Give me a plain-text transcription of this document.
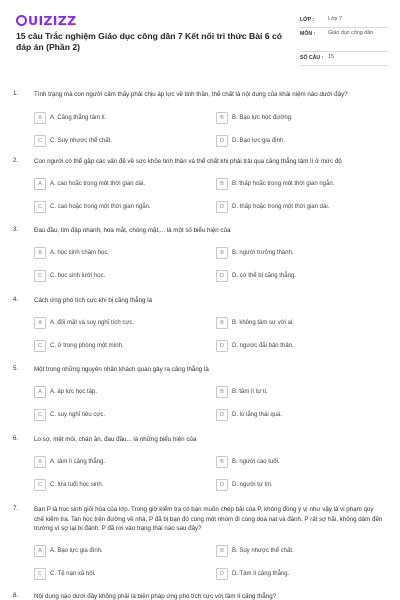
UIZIZZ
15 câu Trắc nghiệm Giáo dục công dân 7 Kết nối tri thức Bài 6 có đáp án (Phần 2)
LỚP :	Lớp 7
MÔN :	Giáo dục công dân
SỐ CÂU : 15
1.	Tình trạng mà con người cảm thấy phải chịu áp lực về tinh thần, thể chất là nội dung của khái niệm nào dưới đây?
A	A. Căng thẳng tâm lí.	B	B. Bạo lực học đường.
C	C. Suy nhược thể chất.	D	D. Bạo lực gia đình.
2.	Con người có thể gặp các vấn đề về sức khỏe tinh thần và thể chất khi phải trải qua căng thẳng tâm lí ở mức độ
A	A. cao hoặc trong một thời gian dài.	B	B. thấp hoặc trong một thời gian ngắn.
C	C. cao hoặc trong một thời gian ngắn.	D	D. thấp hoặc trong một thời gian dài.
3.	Đau đầu, tim đập nhanh, hoa mắt, chóng mặt,... là một số biểu hiện của
A	A. học sinh chăm học.	B	B. người trưởng thành.
C	C. học sinh lười học.	D	D. cơ thể bị căng thẳng.
4.	Cách ứng phó tích cực khi bị căng thẳng là
A	A. đối mặt và suy nghĩ tích cực.	B	B. không tâm sự với ai.
C	C. ở trong phòng một mình.	D	D. ngược đãi bản thân.
5.	Một trong những nguyên nhân khách quan gây ra căng thẳng là
A	A. áp lực học tập.	B	B. tâm lí tự ti.
C	C. suy nghĩ tiêu cực.	D	D. lo lắng thái quá.
6.	Lo sợ, mệt mỏi, chán ăn, đau đầu... là những biểu hiện của
A	A. tâm lí căng thẳng.	B	B. người cao tuổi.
C	C. lứa tuổi học sinh.	D	D. người tự tin.
7.	Bạn P là học sinh giỏi hóa của lớp. Trong giờ kiểm tra có bạn muốn chép bài của P, không đồng ý vì như vậy là vi phạm quy chế kiểm tra. Tan học trên đường về nhà, P đã bị bạn đó cùng một nhóm đi cùng dọa nạt và đánh. P rất sợ hãi, không dám đến trường vì sợ lại bị đánh. P đã rơi vào trạng thái nào sau đây?
A	A. Bạo lực gia đình.	B	B. Suy nhược thể chất.
C	C. Tệ nạn xã hội.	D	D. Tâm lí căng thẳng.
8.	Nội dung nào dưới đây không phải là biện pháp ứng phó tích cực với tâm lí căng thẳng?
